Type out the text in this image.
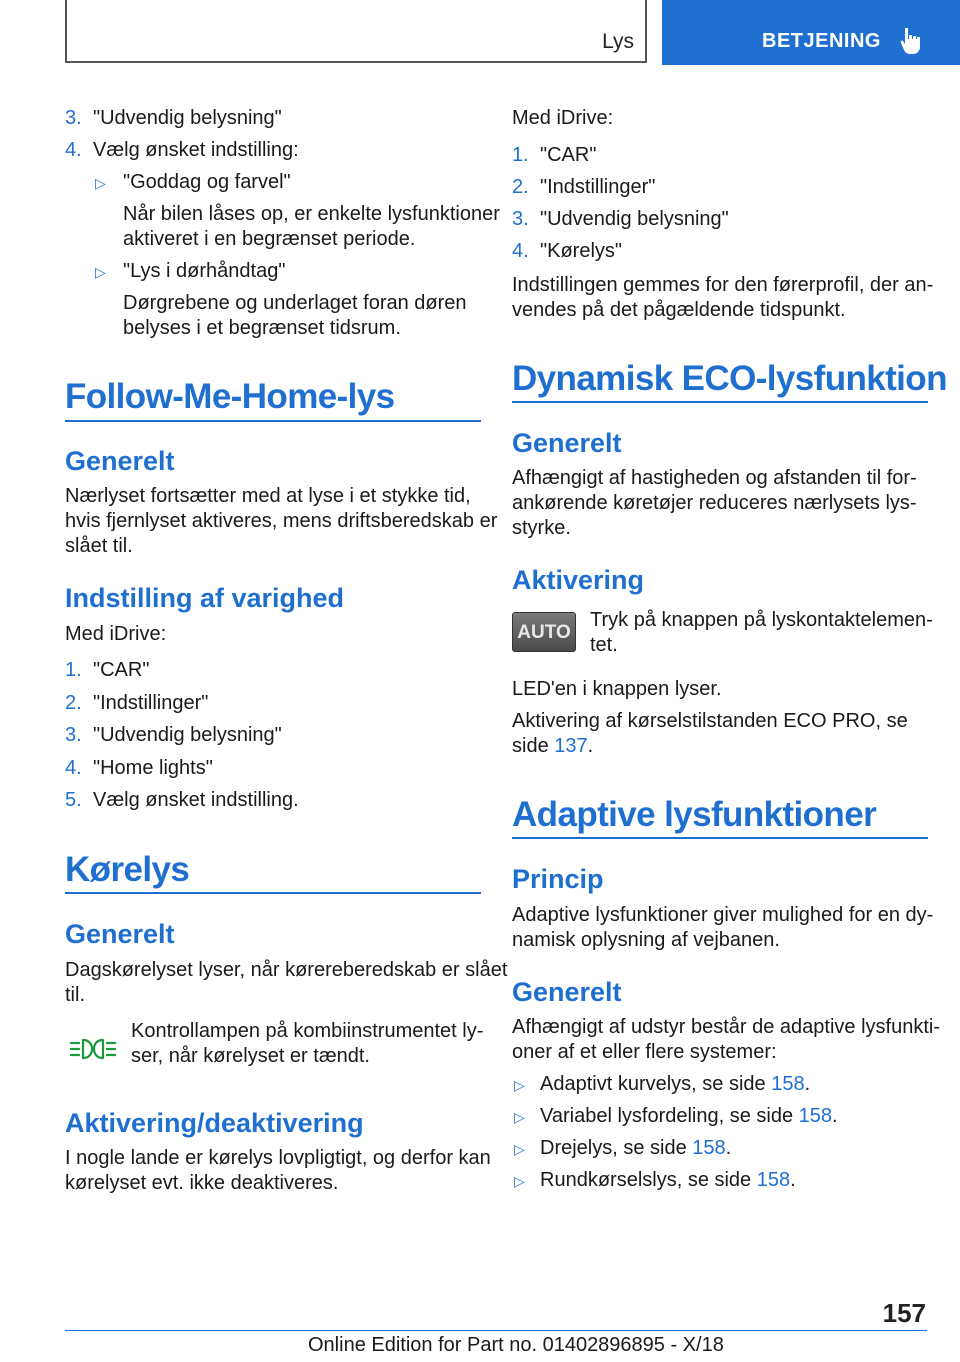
Lys	BETJENING
3. "Udvendig belysning"
4. Vælg ønsket indstilling:
▷ "Goddag og farvel"
Når bilen låses op, er enkelte lysfunktioner
aktiveret i en begrænset periode.
▷ "Lys i dørhåndtag"
Dørgrebene og underlaget foran døren
belyses i et begrænset tidsrum.
Follow-Me-Home-lys
Generelt
Nærlyset fortsætter med at lyse i et stykke tid,
hvis fjernlyset aktiveres, mens driftsberedskab er
slået til.
Indstilling af varighed
Med iDrive:
1. "CAR"
2. "Indstillinger"
3. "Udvendig belysning"
4. "Home lights"
5. Vælg ønsket indstilling.
Kørelys
Generelt
Dagskørelyset lyser, når kørereberedskab er slået
til.
Kontrollampen på kombiinstrumentet ly-
ser, når kørelyset er tændt.
Aktivering/deaktivering
I nogle lande er kørelys lovpligtigt, og derfor kan
kørelyset evt. ikke deaktiveres.
Med iDrive:
1. "CAR"
2. "Indstillinger"
3. "Udvendig belysning"
4. "Kørelys"
Indstillingen gemmes for den førerprofil, der an-
vendes på det pågældende tidspunkt.
Dynamisk ECO-lysfunktion
Generelt
Afhængigt af hastigheden og afstanden til for-
ankørende køretøjer reduceres nærlysets lys-
styrke.
Aktivering
AUTO
Tryk på knappen på lyskontaktelemen-
tet.
LED'en i knappen lyser.
Aktivering af kørselstilstanden ECO PRO, se
side 137.
Adaptive lysfunktioner
Princip
Adaptive lysfunktioner giver mulighed for en dy-
namisk oplysning af vejbanen.
Generelt
Afhængigt af udstyr består de adaptive lysfunkti-
oner af et eller flere systemer:
▷ Adaptivt kurvelys, se side 158.
▷ Variabel lysfordeling, se side 158.
▷ Drejelys, se side 158.
▷ Rundkørselslys, se side 158.
157
Online Edition for Part no. 01402896895 - X/18
